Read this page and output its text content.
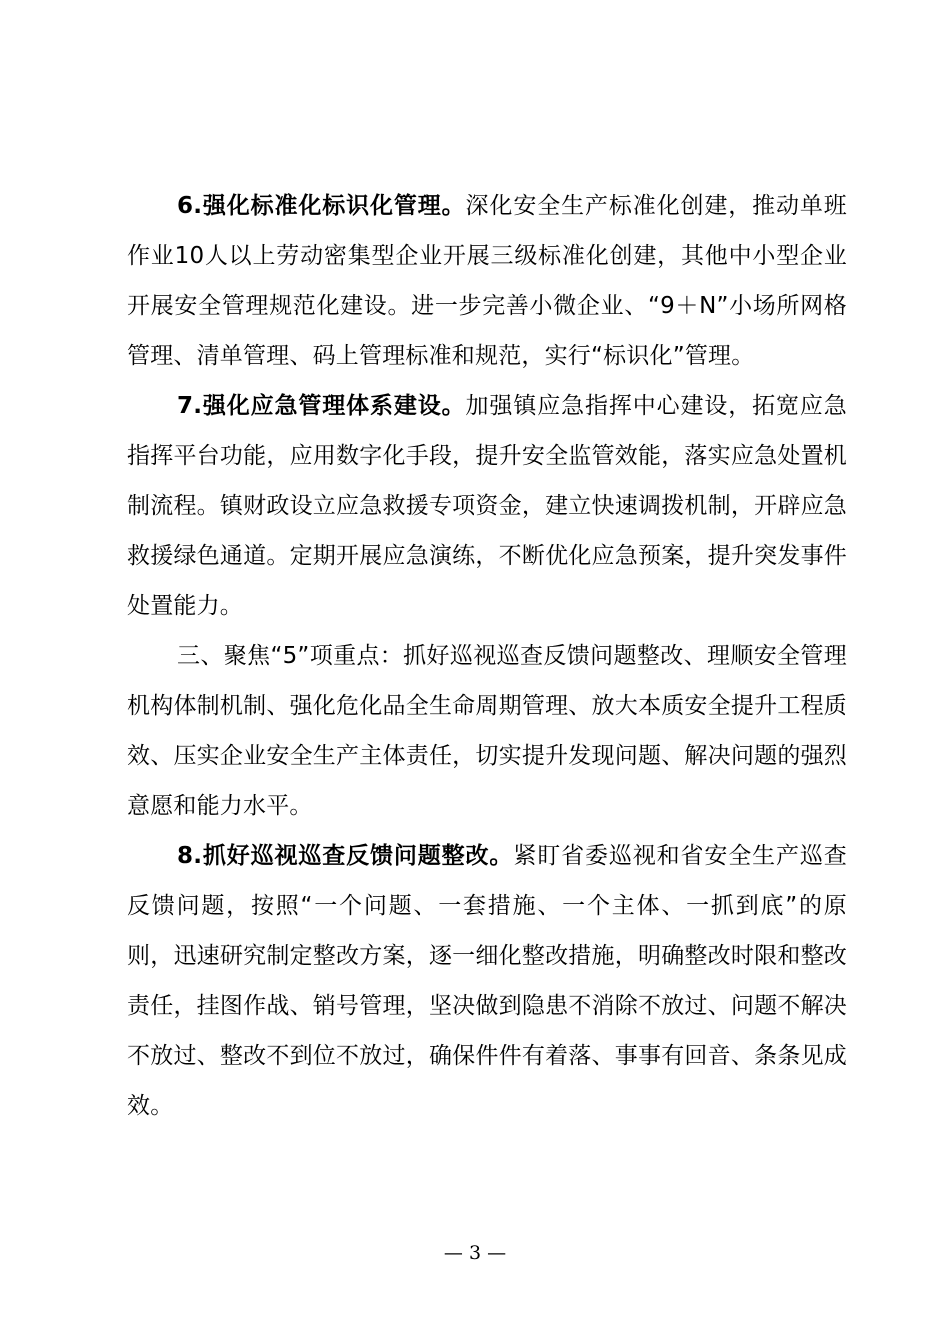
6.强化标准化标识化管理。深化安全生产标准化创建，推动单班作业10人以上劳动密集型企业开展三级标准化创建，其他中小型企业开展安全管理规范化建设。进一步完善小微企业、“9＋N”小场所网格管理、清单管理、码上管理标准和规范，实行“标识化”管理。

7.强化应急管理体系建设。加强镇应急指挥中心建设，拓宽应急指挥平台功能，应用数字化手段，提升安全监管效能，落实应急处置机制流程。镇财政设立应急救援专项资金，建立快速调拨机制，开辟应急救援绿色通道。定期开展应急演练，不断优化应急预案，提升突发事件处置能力。

三、聚焦“5”项重点：抓好巡视巡查反馈问题整改、理顺安全管理机构体制机制、强化危化品全生命周期管理、放大本质安全提升工程质效、压实企业安全生产主体责任，切实提升发现问题、解决问题的强烈意愿和能力水平。

8.抓好巡视巡查反馈问题整改。紧盯省委巡视和省安全生产巡查反馈问题，按照“一个问题、一套措施、一个主体、一抓到底”的原则，迅速研究制定整改方案，逐一细化整改措施，明确整改时限和整改责任，挂图作战、销号管理，坚决做到隐患不消除不放过、问题不解决不放过、整改不到位不放过，确保件件有着落、事事有回音、条条见成效。

— 3 —
